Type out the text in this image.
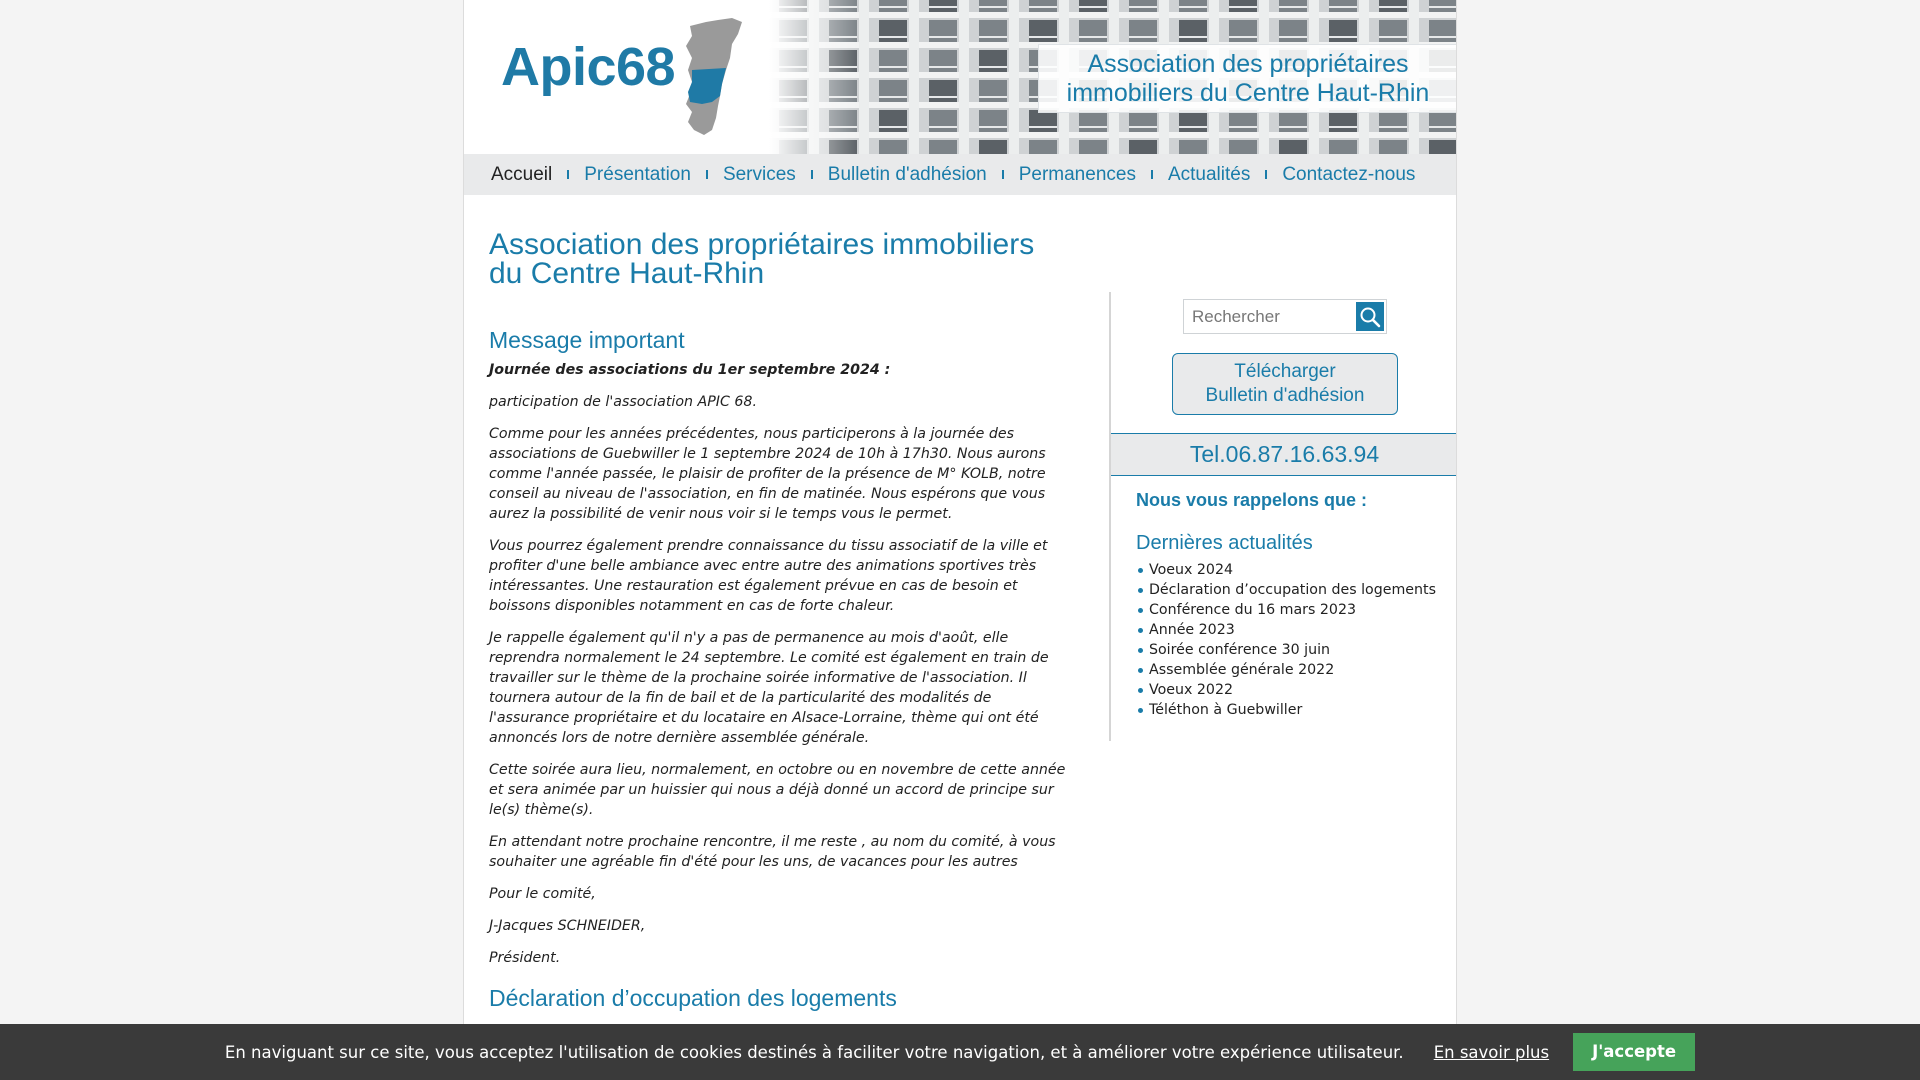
Apic68	Association des propriétaires
immobiliers du Centre Haut-Rhin
Accueil Présentation Services Bulletin d'adhésion Permanences Actualités Contactez-nous
Association des propriétaires immobiliers
du Centre Haut-Rhin
Message important

Journée des associations du 1er septembre 2024 :

participation de l'association APIC 68.

Comme pour les années précédentes, nous participerons à la journée des associations de Guebwiller le 1 septembre 2024 de 10h à 17h30. Nous aurons comme l'année passée, le plaisir de profiter de la présence de M° KOLB, notre conseil au niveau de l'association, en fin de matinée. Nous espérons que vous aurez la possibilité de venir nous voir si le temps vous le permet.

Vous pourrez également prendre connaissance du tissu associatif de la ville et profiter d'une belle ambiance avec entre autre des animations sportives très intéressantes. Une restauration est également prévue en cas de besoin et boissons disponibles notamment en cas de forte chaleur.

Je rappelle également qu'il n'y a pas de permanence au mois d'août, elle reprendra normalement le 24 septembre. Le comité est également en train de travailler sur le thème de la prochaine soirée informative de l'association. Il tournera autour de la fin de bail et de la particularité des modalités de l'assurance propriétaire et du locataire en Alsace-Lorraine, thème qui ont été annoncés lors de notre dernière assemblée générale.

Cette soirée aura lieu, normalement, en octobre ou en novembre de cette année et sera animée par un huissier qui nous a déjà donné un accord de principe sur le(s) thème(s).

En attendant notre prochaine rencontre, il me reste , au nom du comité, à vous souhaiter une agréable fin d'été pour les uns, de vacances pour les autres

Pour le comité,

J-Jacques SCHNEIDER,

Président.

Déclaration d’occupation des logements
Rechercher
Télécharger
Bulletin d'adhésion
Tel.06.87.16.63.94
Nous vous rappelons que :
Dernières actualités
Voeux 2024
Déclaration d’occupation des logements
Conférence du 16 mars 2023
Année 2023
Soirée conférence 30 juin
Assemblée générale 2022
Voeux 2022
Téléthon à Guebwiller
En naviguant sur ce site, vous acceptez l'utilisation de cookies destinés à faciliter votre navigation, et à améliorer votre expérience utilisateur. En savoir plus	J'accepte
